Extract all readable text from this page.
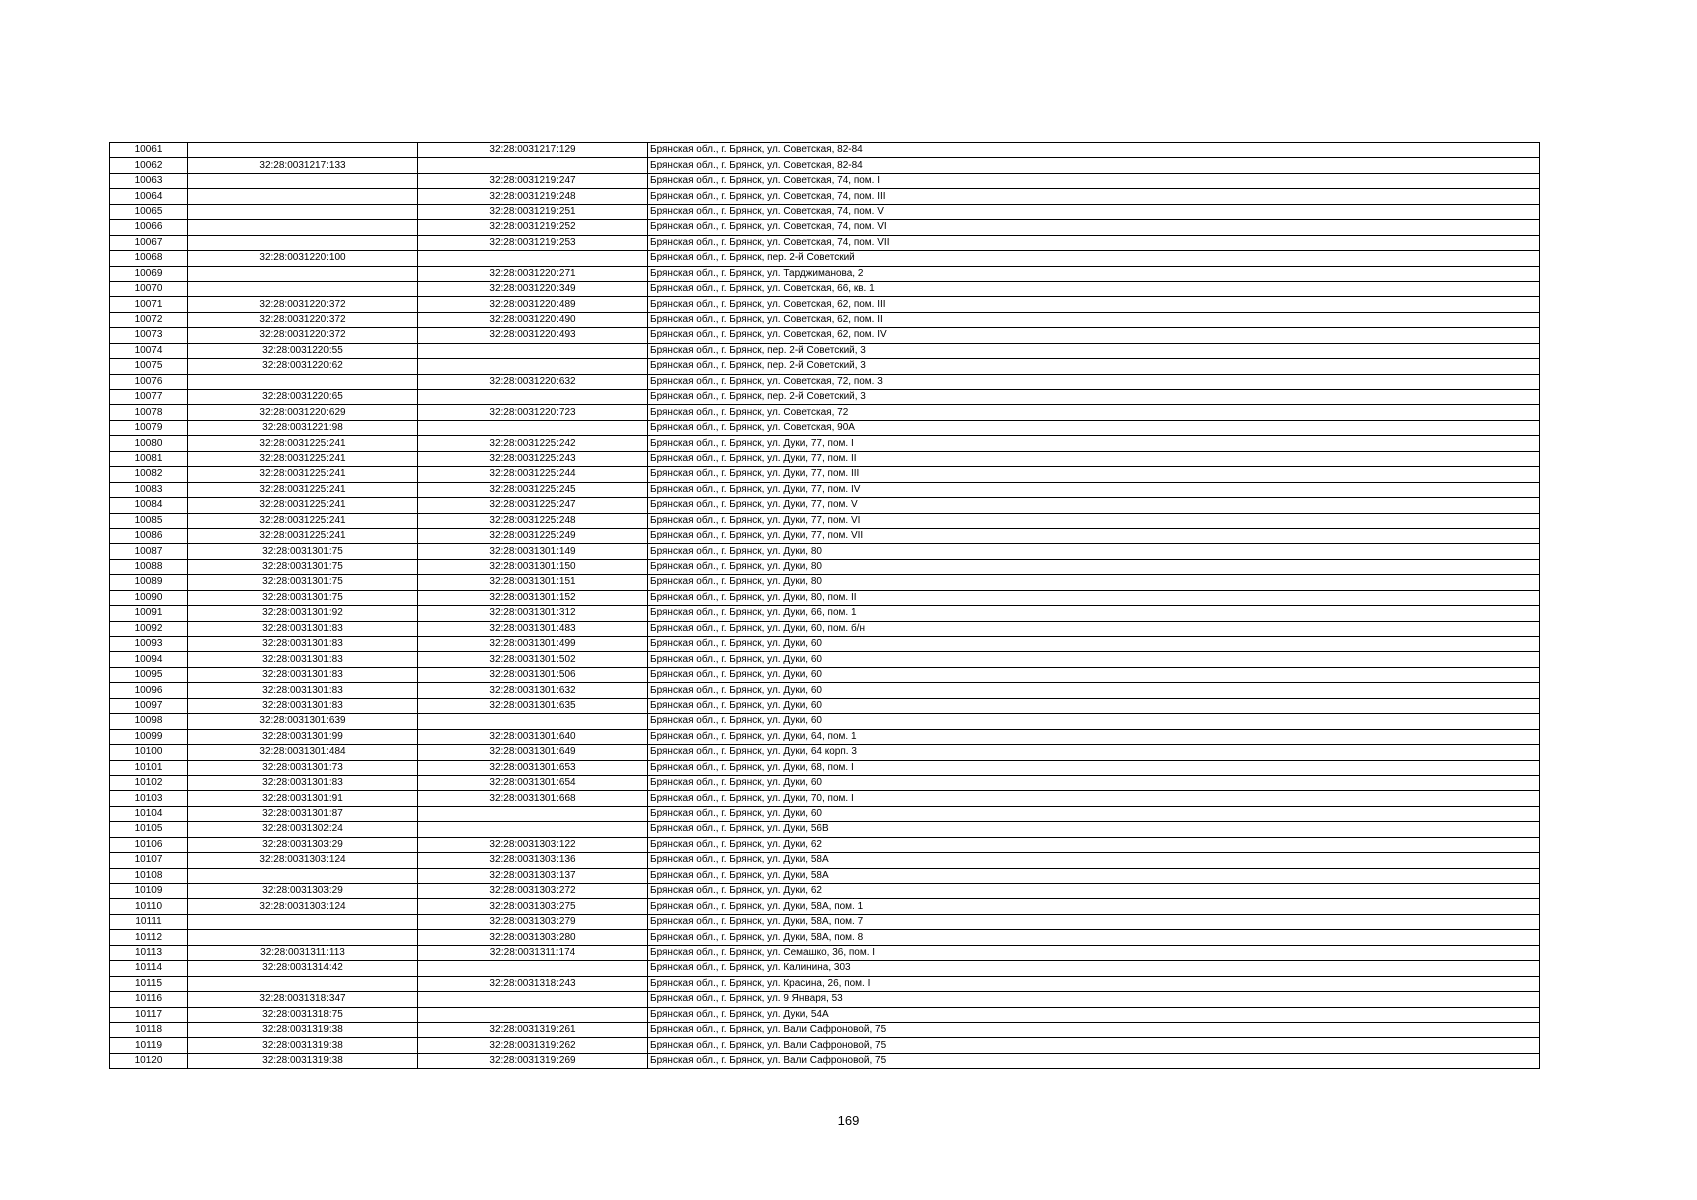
10061		32:28:0031217:129	Брянская обл., г. Брянск, ул. Советская, 82-84
10062	32:28:0031217:133		Брянская обл., г. Брянск, ул. Советская, 82-84
10063		32:28:0031219:247	Брянская обл., г. Брянск, ул. Советская, 74, пом. I
10064		32:28:0031219:248	Брянская обл., г. Брянск, ул. Советская, 74, пом. III
10065		32:28:0031219:251	Брянская обл., г. Брянск, ул. Советская, 74, пом. V
10066		32:28:0031219:252	Брянская обл., г. Брянск, ул. Советская, 74, пом. VI
10067		32:28:0031219:253	Брянская обл., г. Брянск, ул. Советская, 74, пом. VII
10068	32:28:0031220:100		Брянская обл., г. Брянск, пер. 2-й Советский
10069		32:28:0031220:271	Брянская обл., г. Брянск, ул. Тарджиманова, 2
10070		32:28:0031220:349	Брянская обл., г. Брянск, ул. Советская, 66, кв. 1
10071	32:28:0031220:372	32:28:0031220:489	Брянская обл., г. Брянск, ул. Советская, 62, пом. III
10072	32:28:0031220:372	32:28:0031220:490	Брянская обл., г. Брянск, ул. Советская, 62, пом. II
10073	32:28:0031220:372	32:28:0031220:493	Брянская обл., г. Брянск, ул. Советская, 62, пом. IV
10074	32:28:0031220:55		Брянская обл., г. Брянск, пер. 2-й Советский, 3
10075	32:28:0031220:62		Брянская обл., г. Брянск, пер. 2-й Советский, 3
10076		32:28:0031220:632	Брянская обл., г. Брянск, ул. Советская, 72, пом. 3
10077	32:28:0031220:65		Брянская обл., г. Брянск, пер. 2-й Советский, 3
10078	32:28:0031220:629	32:28:0031220:723	Брянская обл., г. Брянск, ул. Советская, 72
10079	32:28:0031221:98		Брянская обл., г. Брянск, ул. Советская, 90А
10080	32:28:0031225:241	32:28:0031225:242	Брянская обл., г. Брянск, ул. Дуки, 77, пом. I
10081	32:28:0031225:241	32:28:0031225:243	Брянская обл., г. Брянск, ул. Дуки, 77, пом. II
10082	32:28:0031225:241	32:28:0031225:244	Брянская обл., г. Брянск, ул. Дуки, 77, пом. III
10083	32:28:0031225:241	32:28:0031225:245	Брянская обл., г. Брянск, ул. Дуки, 77, пом. IV
10084	32:28:0031225:241	32:28:0031225:247	Брянская обл., г. Брянск, ул. Дуки, 77, пом. V
10085	32:28:0031225:241	32:28:0031225:248	Брянская обл., г. Брянск, ул. Дуки, 77, пом. VI
10086	32:28:0031225:241	32:28:0031225:249	Брянская обл., г. Брянск, ул. Дуки, 77, пом. VII
10087	32:28:0031301:75	32:28:0031301:149	Брянская обл., г. Брянск, ул. Дуки, 80
10088	32:28:0031301:75	32:28:0031301:150	Брянская обл., г. Брянск, ул. Дуки, 80
10089	32:28:0031301:75	32:28:0031301:151	Брянская обл., г. Брянск, ул. Дуки, 80
10090	32:28:0031301:75	32:28:0031301:152	Брянская обл., г. Брянск, ул. Дуки, 80, пом. II
10091	32:28:0031301:92	32:28:0031301:312	Брянская обл., г. Брянск, ул. Дуки, 66, пом. 1
10092	32:28:0031301:83	32:28:0031301:483	Брянская обл., г. Брянск, ул. Дуки, 60, пом. б/н
10093	32:28:0031301:83	32:28:0031301:499	Брянская обл., г. Брянск, ул. Дуки, 60
10094	32:28:0031301:83	32:28:0031301:502	Брянская обл., г. Брянск, ул. Дуки, 60
10095	32:28:0031301:83	32:28:0031301:506	Брянская обл., г. Брянск, ул. Дуки, 60
10096	32:28:0031301:83	32:28:0031301:632	Брянская обл., г. Брянск, ул. Дуки, 60
10097	32:28:0031301:83	32:28:0031301:635	Брянская обл., г. Брянск, ул. Дуки, 60
10098	32:28:0031301:639		Брянская обл., г. Брянск, ул. Дуки, 60
10099	32:28:0031301:99	32:28:0031301:640	Брянская обл., г. Брянск, ул. Дуки, 64, пом. 1
10100	32:28:0031301:484	32:28:0031301:649	Брянская обл., г. Брянск, ул. Дуки, 64 корп. 3
10101	32:28:0031301:73	32:28:0031301:653	Брянская обл., г. Брянск, ул. Дуки, 68, пом. I
10102	32:28:0031301:83	32:28:0031301:654	Брянская обл., г. Брянск, ул. Дуки, 60
10103	32:28:0031301:91	32:28:0031301:668	Брянская обл., г. Брянск, ул. Дуки, 70, пом. I
10104	32:28:0031301:87		Брянская обл., г. Брянск, ул. Дуки, 60
10105	32:28:0031302:24		Брянская обл., г. Брянск, ул. Дуки, 56В
10106	32:28:0031303:29	32:28:0031303:122	Брянская обл., г. Брянск, ул. Дуки, 62
10107	32:28:0031303:124	32:28:0031303:136	Брянская обл., г. Брянск, ул. Дуки, 58А
10108		32:28:0031303:137	Брянская обл., г. Брянск, ул. Дуки, 58А
10109	32:28:0031303:29	32:28:0031303:272	Брянская обл., г. Брянск, ул. Дуки, 62
10110	32:28:0031303:124	32:28:0031303:275	Брянская обл., г. Брянск, ул. Дуки, 58А, пом. 1
10111		32:28:0031303:279	Брянская обл., г. Брянск, ул. Дуки, 58А, пом. 7
10112		32:28:0031303:280	Брянская обл., г. Брянск, ул. Дуки, 58А, пом. 8
10113	32:28:0031311:113	32:28:0031311:174	Брянская обл., г. Брянск, ул. Семашко, 36, пом. I
10114	32:28:0031314:42		Брянская обл., г. Брянск, ул. Калинина, 303
10115		32:28:0031318:243	Брянская обл., г. Брянск, ул. Красина, 26, пом. I
10116	32:28:0031318:347		Брянская обл., г. Брянск, ул. 9 Января, 53
10117	32:28:0031318:75		Брянская обл., г. Брянск, ул. Дуки, 54А
10118	32:28:0031319:38	32:28:0031319:261	Брянская обл., г. Брянск, ул. Вали Сафроновой, 75
10119	32:28:0031319:38	32:28:0031319:262	Брянская обл., г. Брянск, ул. Вали Сафроновой, 75
10120	32:28:0031319:38	32:28:0031319:269	Брянская обл., г. Брянск, ул. Вали Сафроновой, 75
169
